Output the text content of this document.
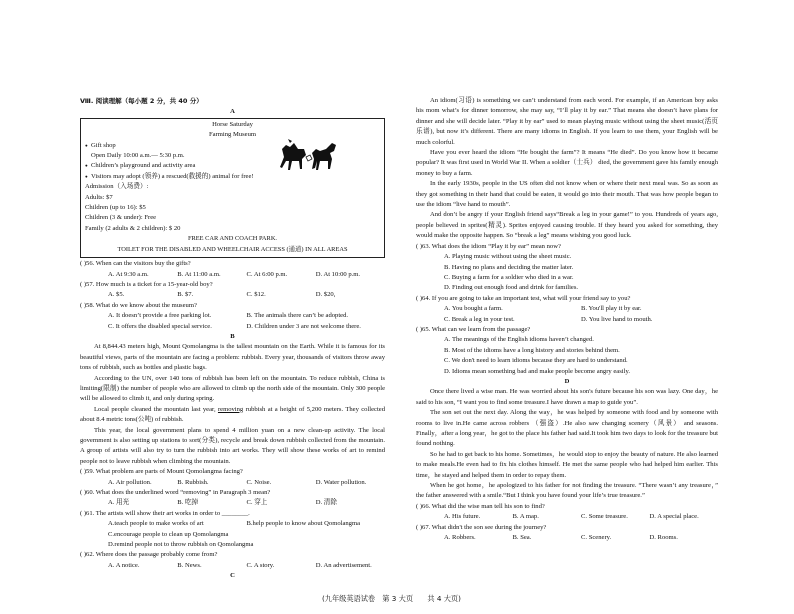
Ⅷ. 阅读理解（每小题 2 分，共 40 分）
A
Horse Saturday
Farming Museum
● Gift shop
Open Daily 10:00 a.m.— 5:30 p.m.
● Children’s playground and activity area
● Visitors may adopt (领养) a rescued(救援的) animal for free!
Admission（入场费）:
Adults: $7
Children (up to 16): $5
Children (3 & under): Free
Family (2 adults & 2 children): $ 20
FREE CAR AND COACH PARK.
TOILET FOR THE DISABLED AND WHEELCHAIR ACCESS (通道) IN ALL AREAS
( )56. When can the visitors buy the gifts?
A. At 9:30 a.m.	B. At 11:00 a.m.	C. At 6:00 p.m.	D. At 10:00 p.m.
( )57. How much is a ticket for a 15-year-old boy?
A. $5.	B. $7.	C. $12.	D. $20,
( )58. What do we know about the museum?
A. It doesn’t provide a free parking lot.	B. The animals there can’t be adopted.
C. It offers the disabled special service.	D. Children under 3 are not welcome there.
B

At 8,844.43 meters high, Mount Qomolangma is the tallest mountain on the Earth. While it is famous for its beautiful views, parts of the mountain are facing a problem: rubbish. Every year, thousands of visitors throw away tons of rubbish, such as bottles and plastic bags.

According to the UN, over 140 tons of rubbish has been left on the mountain. To reduce rubbish, China is limiting(限制) the number of people who are allowed to climb up the north side of the mountain. Only 300 people will be allowed to climb it, and only during spring.

Local people cleaned the mountain last year, removing rubbish at a height of 5,200 meters. They collected about 8.4 metric tons(公吨) of rubbish.

This year, the local government plans to spend 4 million yuan on a new clean-up activity. The local government is also setting up stations to sort(分类), recycle and break down rubbish collected from the mountain. A group of artists will also try to turn the rubbish into art works. They will show these works of art to remind people not to leave rubbish when climbing the mountain.

( )59. What problem are parts of Mount Qomolangma facing?
A. Air pollution.	B. Rubbish.	C. Noise.	D. Water pollution.
( )60. What does the underlined word “removing” in Paragraph 3 mean?
A. 用光	B. 吃掉	C. 穿上	D. 清除
( )61. The artists will show their art works in order to ________.
A.teach people to make works of art	B.help people to know about Qomolangma
C.encourage people to clean up Qomolangma
D.remind people not to throw rubbish on Qomolangma
( )62. Where does the passage probably come from?
A. A notice.	B. News.	C. A story.	D. An advertisement.
C

An idiom(习语) is something we can’t understand from each word. For example, if an American boy asks his mom what’s for dinner tomorrow, she may say, “I’ll play it by ear.” That means she doesn’t have plans for dinner and she will decide later. “Play it by ear” used to mean playing music without using the sheet music(活页乐谱), but now it’s different. There are many idioms in English. If you learn to use them, your English will be much colorful.

Have you ever heard the idiom “He bought the farm”? It means “He died”. Do you know how it became popular? It was first used in World War II. When a soldier（士兵） died, the government gave his family enough money to buy a farm.

In the early 1930s, people in the US often did not know when or where their next meal was. So as soon as they got something in their hand that could be eaten, it would go into their mouth. That was how people began to use the idiom “live hand to mouth”.

And don’t be angry if your English friend says“Break a leg in your game!” to you. Hundreds of years ago, people believed in sprites(精灵). Sprites enjoyed causing trouble. If they heard you asked for something, they would make the opposite happen. So “break a leg” means wishing you good luck.

( )63. What does the idiom “Play it by ear” mean now?
A. Playing music without using the sheet music.
B. Having no plans and deciding the matter later.
C. Buying a farm for a soldier who died in a war.
D. Finding out enough food and drink for families.
( )64. If you are going to take an important test, what will your friend say to you?
A. You bought a farm.	B. You'll play it by ear.
C. Break a leg in your test.	D. You live hand to mouth.
( )65. What can we learn from the passage?
A. The meanings of the English idioms haven’t changed.
B. Most of the idioms have a long history and stories behind them.
C. We don't need to learn idioms because they are hard to understand.
D. Idioms mean something bad and make people become angry easily.
D

Once there lived a wise man. He was worried about his son's future because his son was lazy. One day，he said to his son, “I want you to find some treasure.I have drawn a map to guide you”.

The son set out the next day. Along the way，he was helped by someone with food and by someone with rooms to live in.He came across robbers （强盗）.He also saw changing scenery（风景） and seasons. Finally，after a long year，he got to the place his father had said.It took him two days to look for the treasure but found nothing.

So he had to get back to his home. Sometimes，he would stop to enjoy the beauty of nature. He also learned to make meals.He even had to fix his clothes himself. He met the same people who had helped him earlier. This time，he stayed and helped them in order to repay them.

When he got home，he apologized to his father for not finding the treasure. “There wasn’t any treasure，” the father answered with a smile.“But I think you have found your life’s true treasure.”

( )66. What did the wise man tell his son to find?
A. His future.	B. A map.	C. Some treasure.	D. A special place.
( )67. What didn't the son see during the journey?
A. Robbers.	B. Sea.	C. Scenery.	D. Rooms.
(九年级英语试卷　第 3 大页　　共 4 大页)
